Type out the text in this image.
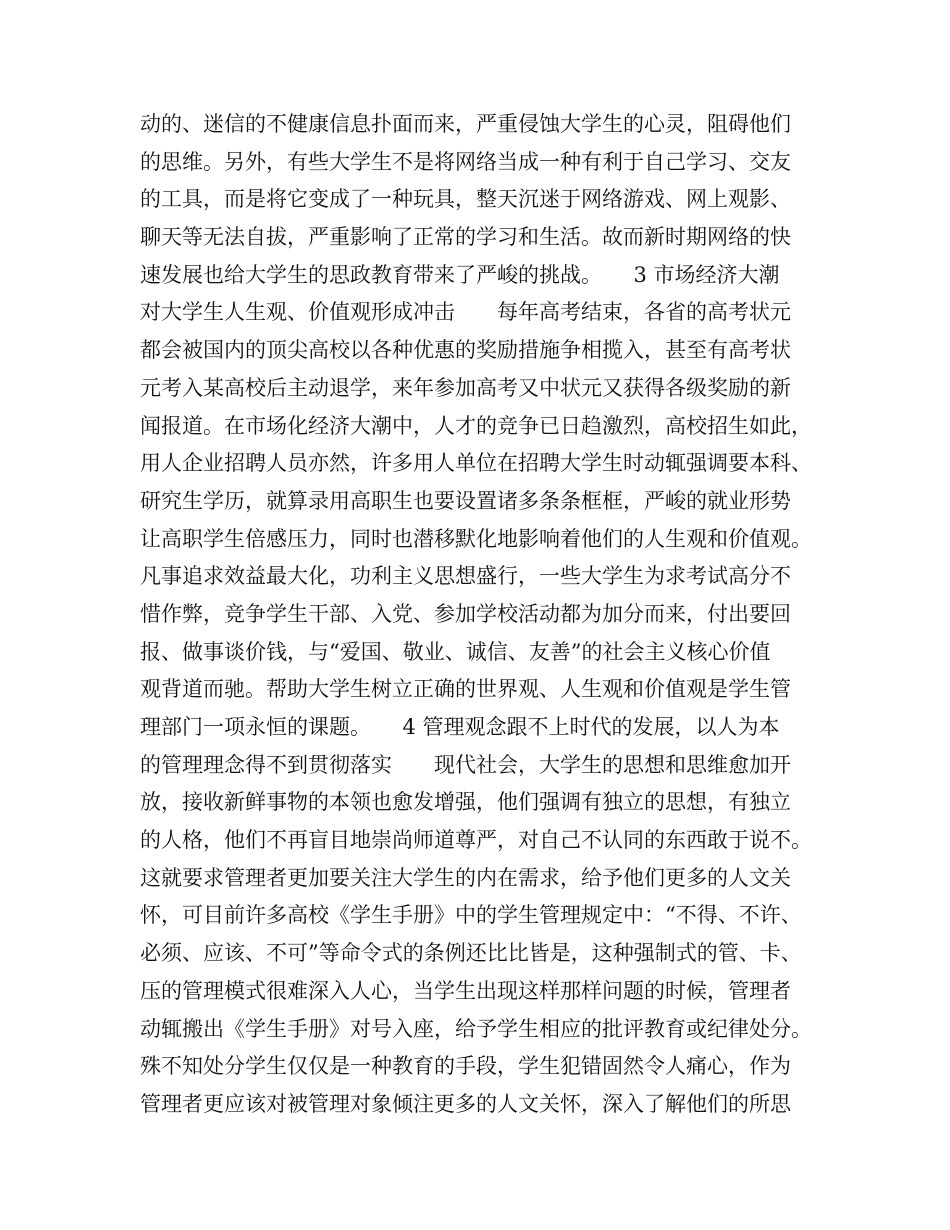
动的、迷信的不健康信息扑面而来，严重侵蚀大学生的心灵，阻碍他们
的思维。另外，有些大学生不是将网络当成一种有利于自己学习、交友
的工具，而是将它变成了一种玩具，整天沉迷于网络游戏、网上观影、
聊天等无法自拔，严重影响了正常的学习和生活。故而新时期网络的快
速发展也给大学生的思政教育带来了严峻的挑战。　　3 市场经济大潮
对大学生人生观、价值观形成冲击　　每年高考结束，各省的高考状元
都会被国内的顶尖高校以各种优惠的奖励措施争相揽入，甚至有高考状
元考入某高校后主动退学，来年参加高考又中状元又获得各级奖励的新
闻报道。在市场化经济大潮中，人才的竞争已日趋激烈，高校招生如此，
用人企业招聘人员亦然，许多用人单位在招聘大学生时动辄强调要本科、
研究生学历，就算录用高职生也要设置诸多条条框框，严峻的就业形势
让高职学生倍感压力，同时也潜移默化地影响着他们的人生观和价值观。
凡事追求效益最大化，功利主义思想盛行，一些大学生为求考试高分不
惜作弊，竞争学生干部、入党、参加学校活动都为加分而来，付出要回
报、做事谈价钱，与“爱国、敬业、诚信、友善”的社会主义核心价值
观背道而驰。帮助大学生树立正确的世界观、人生观和价值观是学生管
理部门一项永恒的课题。　　4 管理观念跟不上时代的发展，以人为本
的管理理念得不到贯彻落实　　现代社会，大学生的思想和思维愈加开
放，接收新鲜事物的本领也愈发增强，他们强调有独立的思想，有独立
的人格，他们不再盲目地崇尚师道尊严，对自己不认同的东西敢于说不。
这就要求管理者更加要关注大学生的内在需求，给予他们更多的人文关
怀，可目前许多高校《学生手册》中的学生管理规定中：“不得、不许、
必须、应该、不可”等命令式的条例还比比皆是，这种强制式的管、卡、
压的管理模式很难深入人心，当学生出现这样那样问题的时候，管理者
动辄搬出《学生手册》对号入座，给予学生相应的批评教育或纪律处分。
殊不知处分学生仅仅是一种教育的手段，学生犯错固然令人痛心，作为
管理者更应该对被管理对象倾注更多的人文关怀，深入了解他们的所思
